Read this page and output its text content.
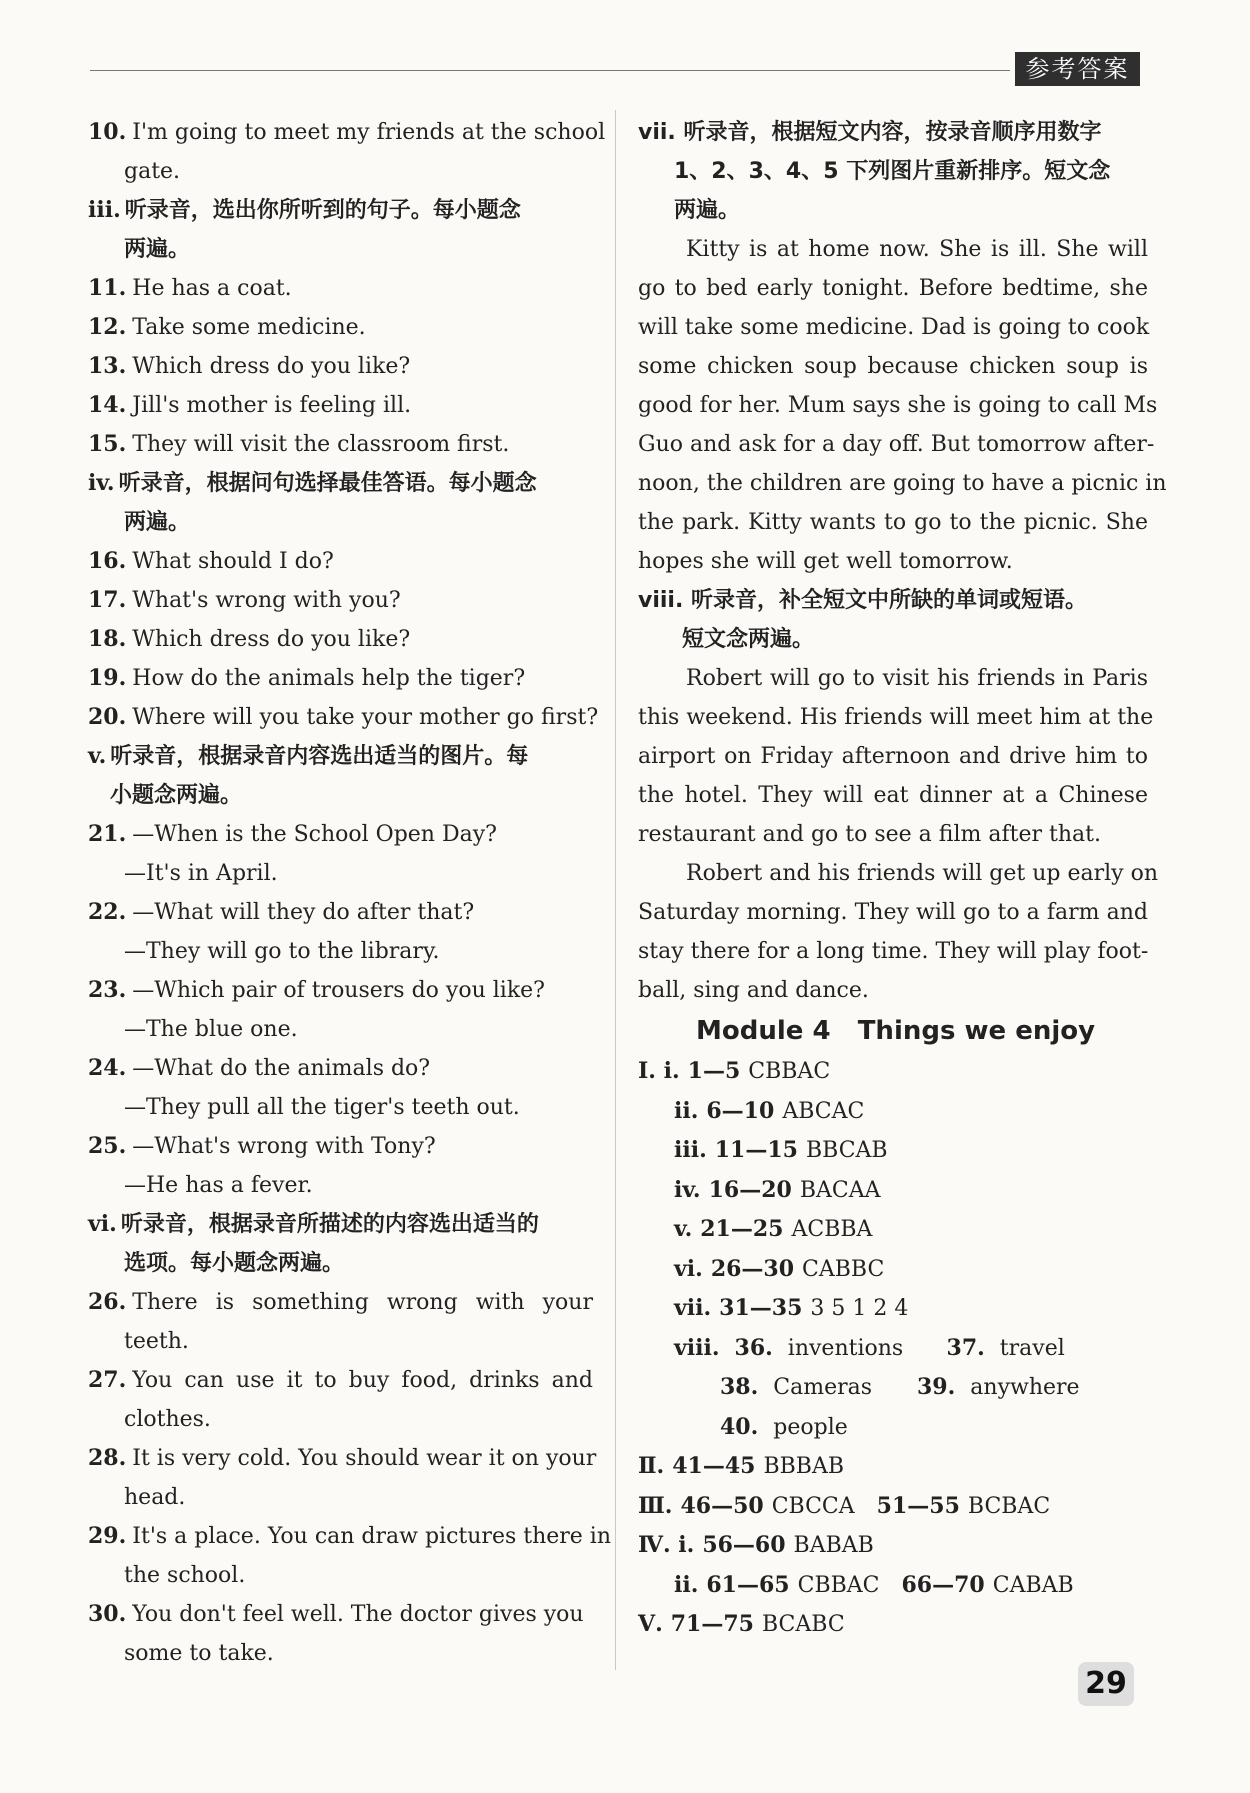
参考答案
10. I'm going to meet my friends at the school
gate.
iii. 听录音，选出你所听到的句子。每小题念
两遍。
11. He has a coat.
12. Take some medicine.
13. Which dress do you like?
14. Jill's mother is feeling ill.
15. They will visit the classroom first.
iv. 听录音，根据问句选择最佳答语。每小题念
两遍。
16. What should I do?
17. What's wrong with you?
18. Which dress do you like?
19. How do the animals help the tiger?
20. Where will you take your mother go first?
v. 听录音，根据录音内容选出适当的图片。每
小题念两遍。
21. —When is the School Open Day?
—It's in April.
22. —What will they do after that?
—They will go to the library.
23. —Which pair of trousers do you like?
—The blue one.
24. —What do the animals do?
—They pull all the tiger's teeth out.
25. —What's wrong with Tony?
—He has a fever.
vi. 听录音，根据录音所描述的内容选出适当的
选项。每小题念两遍。
26. There is something wrong with your
teeth.
27. You can use it to buy food, drinks and
clothes.
28. It is very cold. You should wear it on your
head.
29. It's a place. You can draw pictures there in
the school.
30. You don't feel well. The doctor gives you
some to take.
vii. 听录音，根据短文内容，按录音顺序用数字
1、2、3、4、5 下列图片重新排序。短文念
两遍。
Kitty is at home now. She is ill. She will
go to bed early tonight. Before bedtime, she
will take some medicine. Dad is going to cook
some chicken soup because chicken soup is
good for her. Mum says she is going to call Ms
Guo and ask for a day off. But tomorrow after-
noon, the children are going to have a picnic in
the park. Kitty wants to go to the picnic. She
hopes she will get well tomorrow.
viii. 听录音，补全短文中所缺的单词或短语。
短文念两遍。
Robert will go to visit his friends in Paris
this weekend. His friends will meet him at the
airport on Friday afternoon and drive him to
the hotel. They will eat dinner at a Chinese
restaurant and go to see a film after that.
Robert and his friends will get up early on
Saturday morning. They will go to a farm and
stay there for a long time. They will play foot-
ball, sing and dance.
Module 4   Things we enjoy
Ⅰ. i. 1—5 CBBAC
ii. 6—10 ABCAC
iii. 11—15 BBCAB
iv. 16—20 BACAA
v. 21—25 ACBBA
vi. 26—30 CABBC
vii. 31—35 3 5 1 2 4
viii. 36. inventions 37. travel
38. Cameras 39. anywhere
40. people
Ⅱ. 41—45 BBBAB
Ⅲ. 46—50 CBCCA 51—55 BCBAC
Ⅳ. i. 56—60 BABAB
ii. 61—65 CBBAC 66—70 CABAB
Ⅴ. 71—75 BCABC
29
